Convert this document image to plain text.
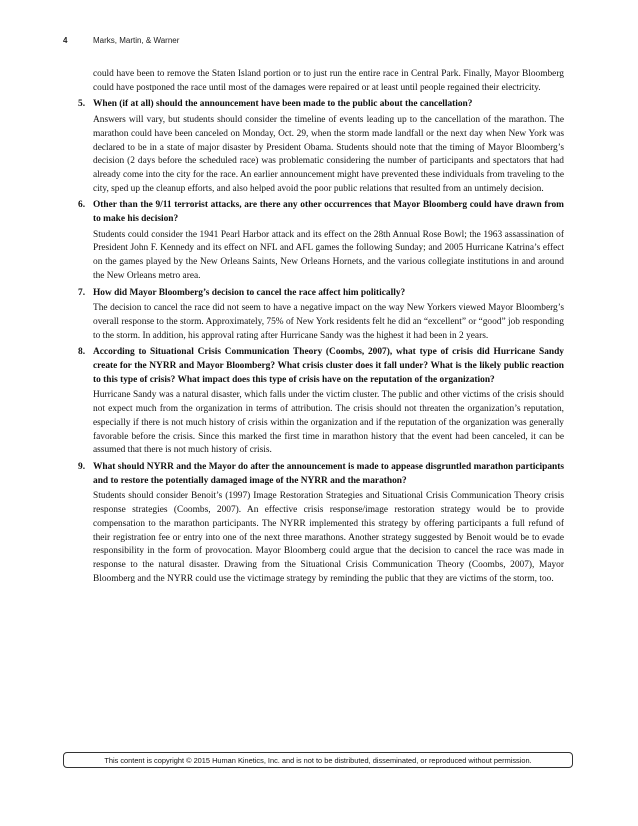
4	Marks, Martin, & Warner

could have been to remove the Staten Island portion or to just run the entire race in Central Park. Finally, Mayor Bloomberg could have postponed the race until most of the damages were repaired or at least until people regained their electricity.

5. When (if at all) should the announcement have been made to the public about the cancellation?

Answers will vary, but students should consider the timeline of events leading up to the cancellation of the marathon. The marathon could have been canceled on Monday, Oct. 29, when the storm made landfall or the next day when New York was declared to be in a state of major disaster by President Obama. Students should note that the timing of Mayor Bloomberg’s decision (2 days before the scheduled race) was problematic considering the number of participants and spectators that had already come into the city for the race. An earlier announcement might have prevented these individuals from traveling to the city, sped up the cleanup efforts, and also helped avoid the poor public relations that resulted from an untimely decision.

6. Other than the 9/11 terrorist attacks, are there any other occurrences that Mayor Bloomberg could have drawn from to make his decision?

Students could consider the 1941 Pearl Harbor attack and its effect on the 28th Annual Rose Bowl; the 1963 assassination of President John F. Kennedy and its effect on NFL and AFL games the following Sunday; and 2005 Hurricane Katrina’s effect on the games played by the New Orleans Saints, New Orleans Hornets, and the various collegiate institutions in and around the New Orleans metro area.

7. How did Mayor Bloomberg’s decision to cancel the race affect him politically?

The decision to cancel the race did not seem to have a negative impact on the way New Yorkers viewed Mayor Bloomberg’s overall response to the storm. Approximately, 75% of New York residents felt he did an “excellent” or “good” job responding to the storm. In addition, his approval rating after Hurricane Sandy was the highest it had been in 2 years.

8. According to Situational Crisis Communication Theory (Coombs, 2007), what type of crisis did Hurricane Sandy create for the NYRR and Mayor Bloomberg? What crisis cluster does it fall under? What is the likely public reaction to this type of crisis? What impact does this type of crisis have on the reputation of the organization?

Hurricane Sandy was a natural disaster, which falls under the victim cluster. The public and other victims of the crisis should not expect much from the organization in terms of attribution. The crisis should not threaten the organization’s reputation, especially if there is not much history of crisis within the organization and if the reputation of the organization was generally favorable before the crisis. Since this marked the first time in marathon history that the event had been canceled, it can be assumed that there is not much history of crisis.

9. What should NYRR and the Mayor do after the announcement is made to appease disgruntled marathon participants and to restore the potentially damaged image of the NYRR and the marathon?

Students should consider Benoit’s (1997) Image Restoration Strategies and Situational Crisis Communication Theory crisis response strategies (Coombs, 2007). An effective crisis response/image restoration strategy would be to provide compensation to the marathon participants. The NYRR implemented this strategy by offering participants a full refund of their registration fee or entry into one of the next three marathons. Another strategy suggested by Benoit would be to evade responsibility in the form of provocation. Mayor Bloomberg could argue that the decision to cancel the race was made in response to the natural disaster. Drawing from the Situational Crisis Communication Theory (Coombs, 2007), Mayor Bloomberg and the NYRR could use the victimage strategy by reminding the public that they are victims of the storm, too.

This content is copyright © 2015 Human Kinetics, Inc. and is not to be distributed, disseminated, or reproduced without permission.
